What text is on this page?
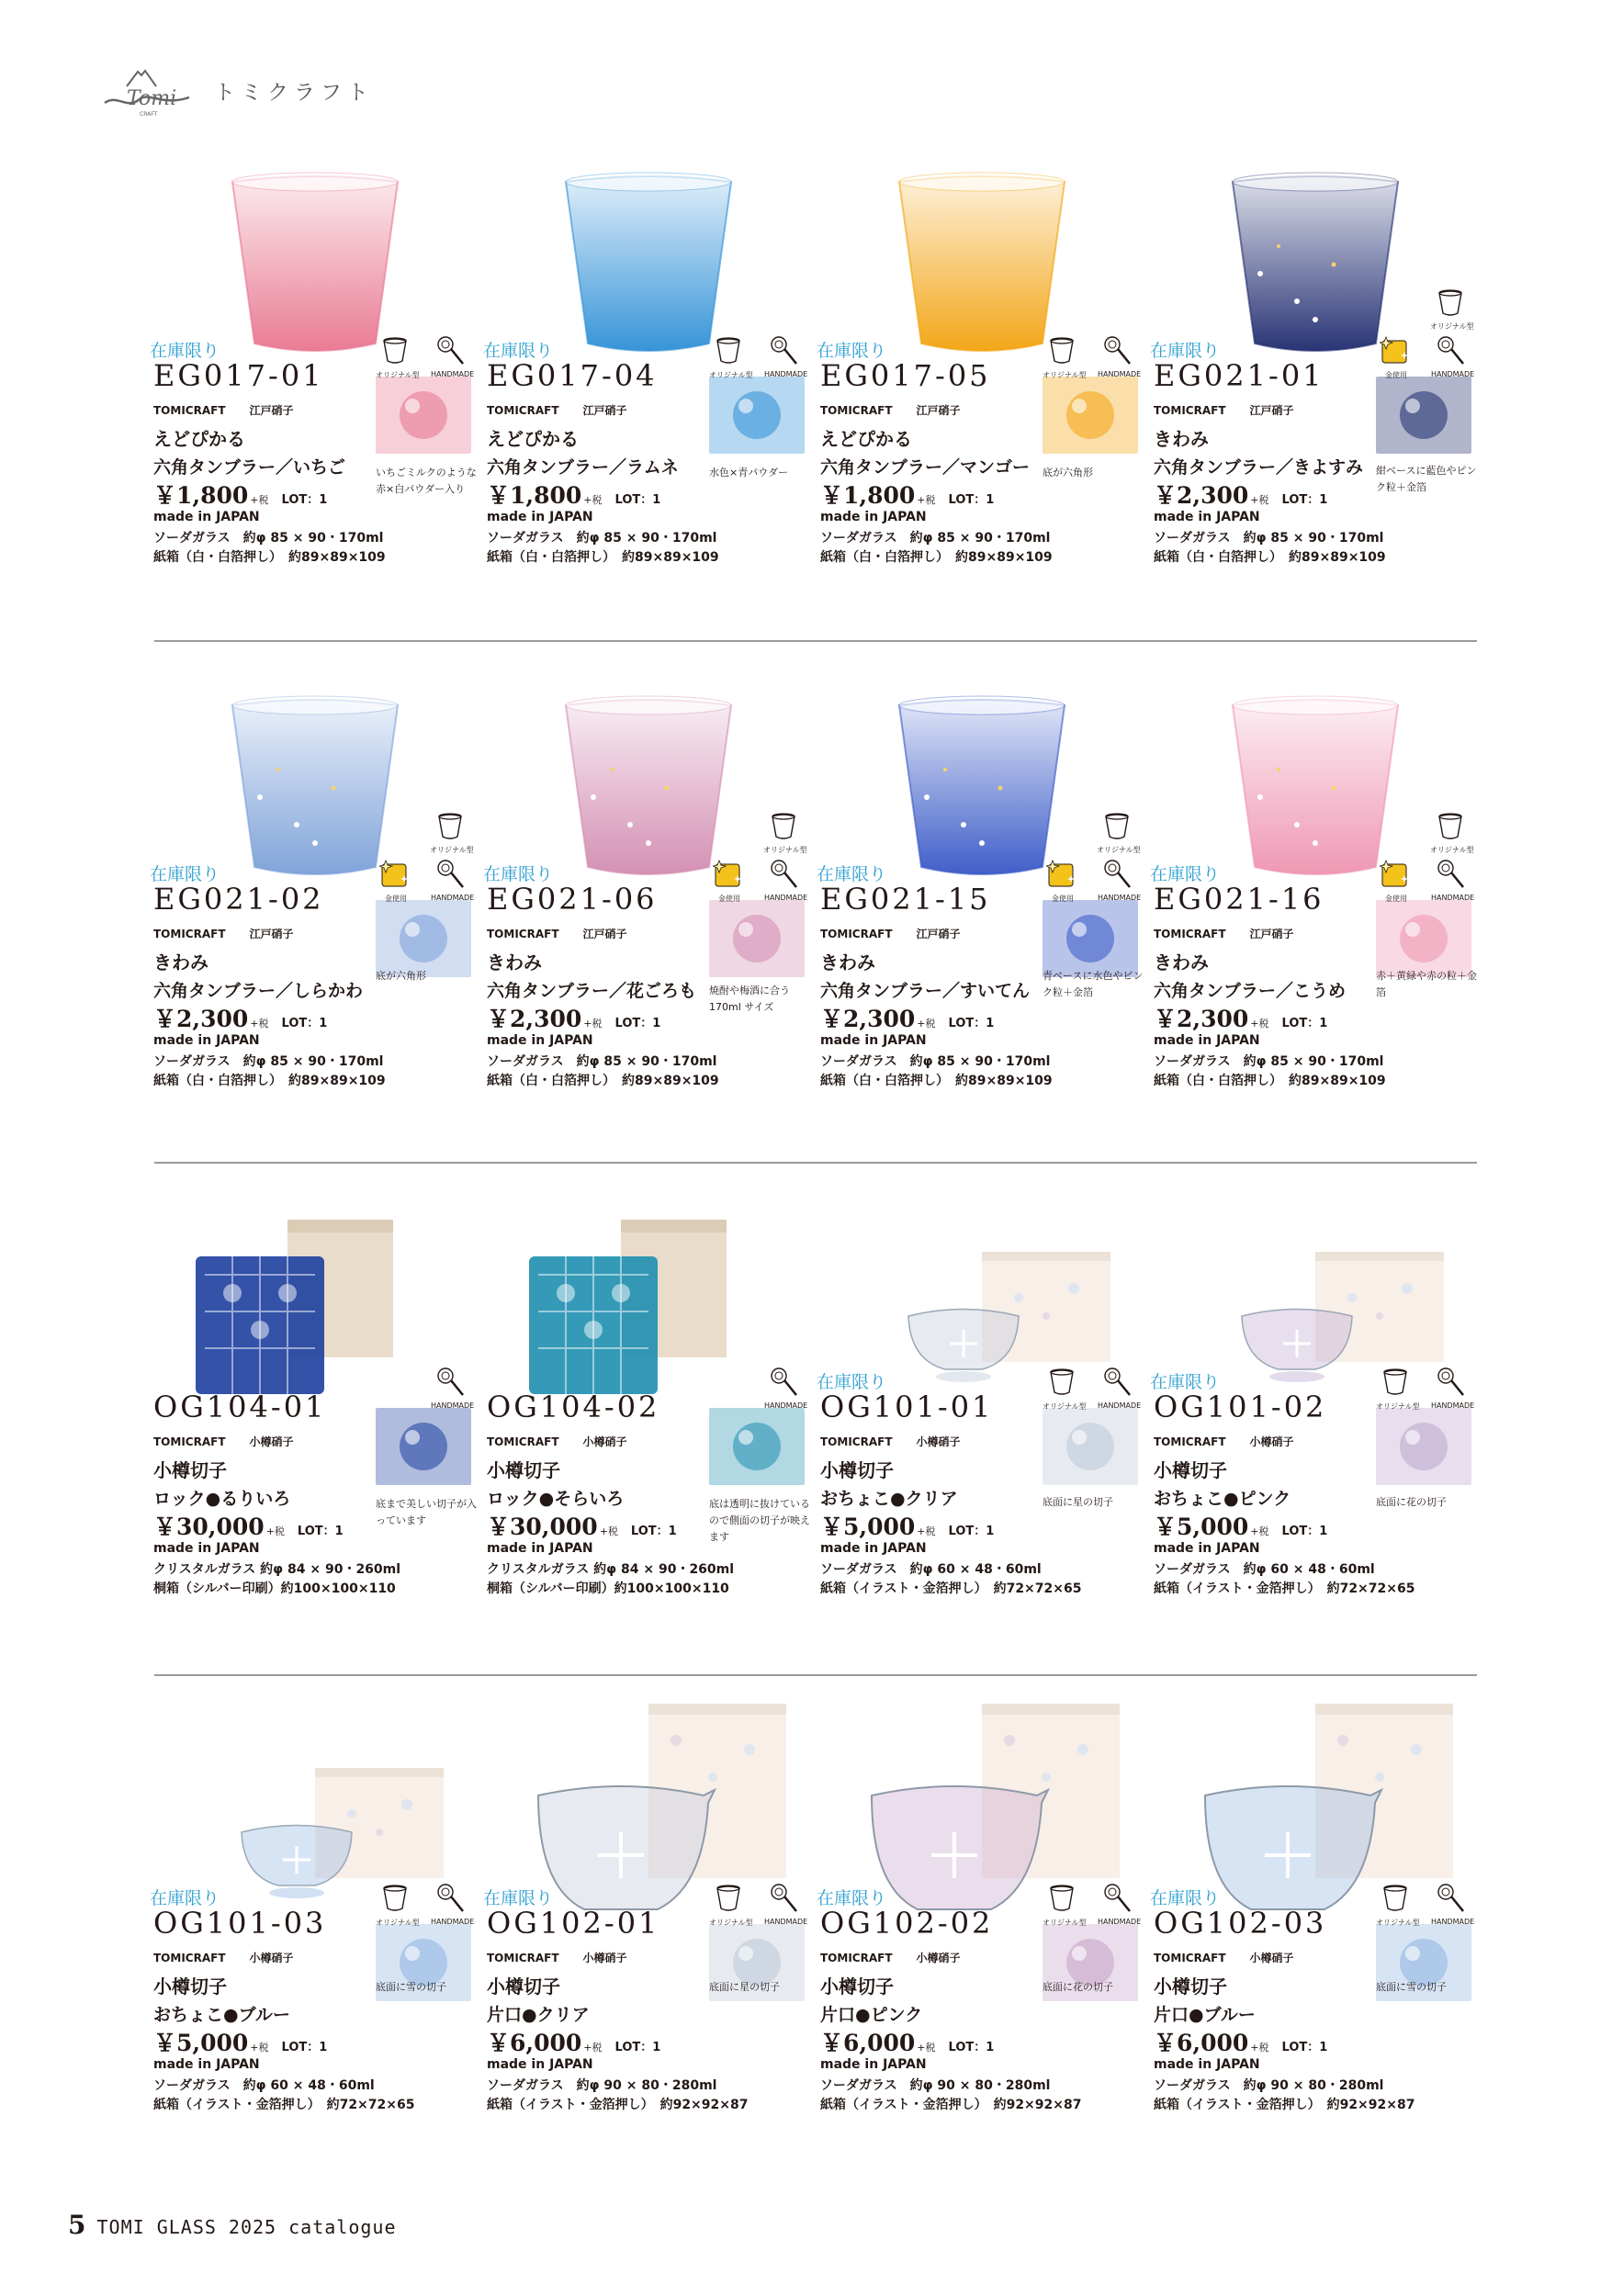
Tomi
CRAFT
トミクラフト
在庫限り
EG017-01
TOMICRAFT 江戸硝子
えどぴかる
六角タンブラー／いちご
￥1,800 +税 LOT：1
made in JAPAN
ソーダガラス　約φ 85 × 90・170ml
紙箱（白・白箔押し）　約89×89×109
いちごミルクのような赤×白パウダー入り
オリジナル型 HANDMADE
在庫限り
EG017-04
TOMICRAFT 江戸硝子
えどぴかる
六角タンブラー／ラムネ
￥1,800 +税 LOT：1
made in JAPAN
ソーダガラス　約φ 85 × 90・170ml
紙箱（白・白箔押し）　約89×89×109
水色×青パウダー
オリジナル型 HANDMADE
在庫限り
EG017-05
TOMICRAFT 江戸硝子
えどぴかる
六角タンブラー／マンゴー
￥1,800 +税 LOT：1
made in JAPAN
ソーダガラス　約φ 85 × 90・170ml
紙箱（白・白箔押し）　約89×89×109
底が六角形
オリジナル型 HANDMADE
在庫限り
EG021-01
TOMICRAFT 江戸硝子
きわみ
六角タンブラー／きよすみ
￥2,300 +税 LOT：1
made in JAPAN
ソーダガラス　約φ 85 × 90・170ml
紙箱（白・白箔押し）　約89×89×109
紺ベースに藍色やピンク粒＋金箔
オリジナル型
金使用	HANDMADE
在庫限り
EG021-02
TOMICRAFT 江戸硝子
きわみ
六角タンブラー／しらかわ
￥2,300 +税 LOT：1
made in JAPAN
ソーダガラス　約φ 85 × 90・170ml
紙箱（白・白箔押し）　約89×89×109
底が六角形
オリジナル型
金使用	HANDMADE
在庫限り
EG021-06
TOMICRAFT 江戸硝子
きわみ
六角タンブラー／花ごろも
￥2,300 +税 LOT：1
made in JAPAN
ソーダガラス　約φ 85 × 90・170ml
紙箱（白・白箔押し）　約89×89×109
焼酎や梅酒に合う170ml サイズ
オリジナル型
金使用	HANDMADE
在庫限り
EG021-15
TOMICRAFT 江戸硝子
きわみ
六角タンブラー／すいてん
￥2,300 +税 LOT：1
made in JAPAN
ソーダガラス　約φ 85 × 90・170ml
紙箱（白・白箔押し）　約89×89×109
青ベースに水色やピンク粒＋金箔
オリジナル型
金使用	HANDMADE
在庫限り
EG021-16
TOMICRAFT 江戸硝子
きわみ
六角タンブラー／こうめ
￥2,300 +税 LOT：1
made in JAPAN
ソーダガラス　約φ 85 × 90・170ml
紙箱（白・白箔押し）　約89×89×109
赤＋黄緑や赤の粒＋金箔
オリジナル型
金使用	HANDMADE
OG104-01
TOMICRAFT 小樽硝子
小樽切子
ロック●るりいろ
￥30,000 +税 LOT：1
made in JAPAN
クリスタルガラス 約φ 84 × 90・260ml
桐箱（シルバー印刷）約100×100×110
底まで美しい切子が入っています
HANDMADE OG104-02
TOMICRAFT 小樽硝子
小樽切子
ロック●そらいろ
￥30,000 +税 LOT：1
made in JAPAN
クリスタルガラス 約φ 84 × 90・260ml
桐箱（シルバー印刷）約100×100×110
底は透明に抜けているので側面の切子が映えます
HANDMADE
在庫限り
OG101-01
TOMICRAFT 小樽硝子
小樽切子
おちょこ●クリア
￥5,000 +税 LOT：1
made in JAPAN
ソーダガラス　約φ 60 × 48・60ml
紙箱（イラスト・金箔押し）　約72×72×65
底面に星の切子
オリジナル型 HANDMADE
在庫限り
OG101-02
TOMICRAFT 小樽硝子
小樽切子
おちょこ●ピンク
￥5,000 +税 LOT：1
made in JAPAN
ソーダガラス　約φ 60 × 48・60ml
紙箱（イラスト・金箔押し）　約72×72×65
底面に花の切子
オリジナル型 HANDMADE
在庫限り
OG101-03
TOMICRAFT 小樽硝子
小樽切子
おちょこ●ブルー
￥5,000 +税 LOT：1
made in JAPAN
ソーダガラス　約φ 60 × 48・60ml
紙箱（イラスト・金箔押し）　約72×72×65
底面に雪の切子
オリジナル型 HANDMADE
在庫限り
OG102-01
TOMICRAFT 小樽硝子
小樽切子
片口●クリア
￥6,000 +税 LOT：1
made in JAPAN
ソーダガラス　約φ 90 × 80・280ml
紙箱（イラスト・金箔押し）　約92×92×87
底面に星の切子
オリジナル型 HANDMADE
在庫限り
OG102-02
TOMICRAFT 小樽硝子
小樽切子
片口●ピンク
￥6,000 +税 LOT：1
made in JAPAN
ソーダガラス　約φ 90 × 80・280ml
紙箱（イラスト・金箔押し）　約92×92×87
底面に花の切子
オリジナル型 HANDMADE
在庫限り
OG102-03
TOMICRAFT 小樽硝子
小樽切子
片口●ブルー
￥6,000 +税 LOT：1
made in JAPAN
ソーダガラス　約φ 90 × 80・280ml
紙箱（イラスト・金箔押し）　約92×92×87
底面に雪の切子
オリジナル型 HANDMADE
5 TOMI GLASS 2025 catalogue
